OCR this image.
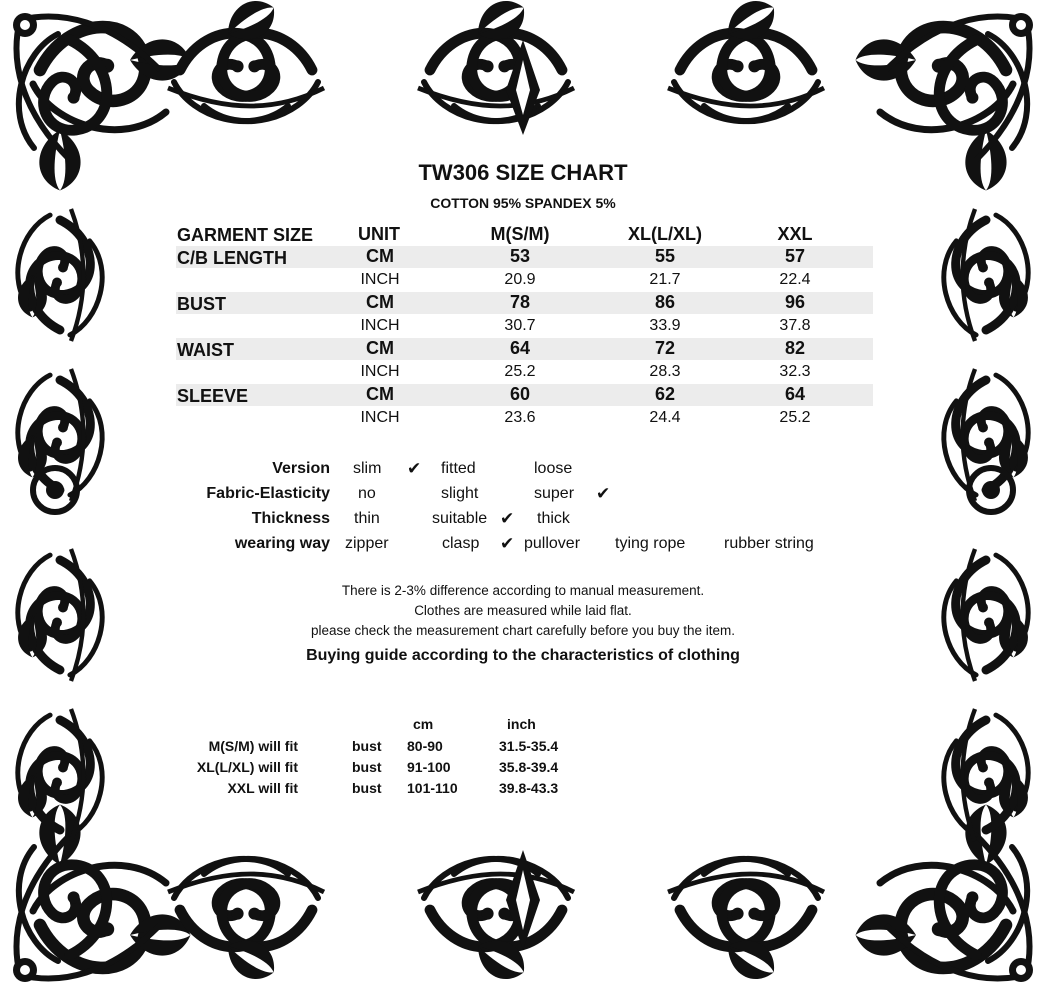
TW306 SIZE CHART
COTTON 95% SPANDEX 5%
GARMENT SIZE UNIT	M(S/M)	XL(L/XL)	XXL
C/B LENGTH	CM	53	55	57
INCH	20.9	21.7	22.4
BUST	CM	78	86	96
INCH	30.7	33.9	37.8
WAIST	CM	64	72	82
INCH	25.2	28.3	32.3
SLEEVE	CM	60	62	64
INCH	23.6	24.4	25.2
Version slim ✔ fitted	loose
Fabric-Elasticity no	slight	super ✔
Thickness thin	suitable ✔ thick
wearing way zipper	clasp ✔ pullover tying rope rubber string
There is 2-3% difference according to manual measurement.
Clothes are measured while laid flat.
please check the measurement chart carefully before you buy the item.
Buying guide according to the characteristics of clothing
cm	inch
M(S/M) will fit	bust 80-90	31.5-35.4
XL(L/XL) will fit	bust 91-100	35.8-39.4
XXL will fit	bust 101-110	39.8-43.3
